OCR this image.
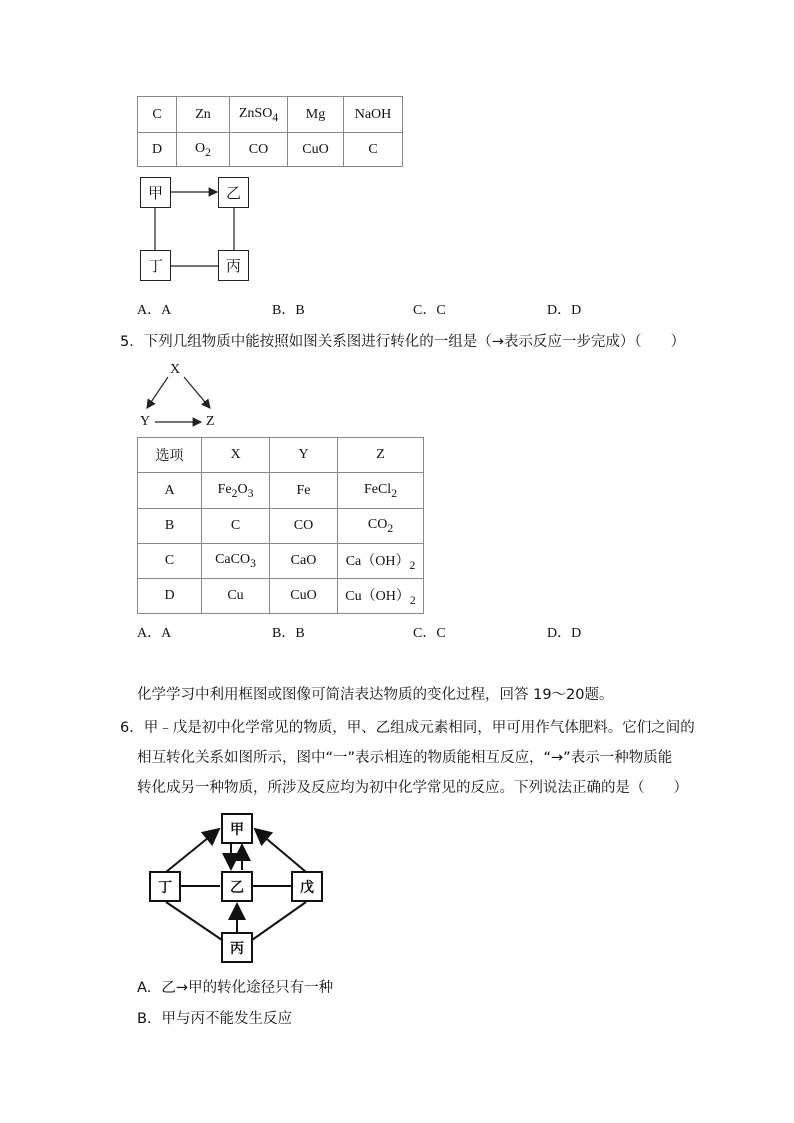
C	Zn	ZnSO$_4$	Mg	NaOH
D	$O_2$	CO	CuO	C
甲	乙
丁	丙
A．A	B．B	C．C	D．D
5．下列几组物质中能按照如图关系图进行转化的一组是（→表示反应一步完成）（　　）
X
Y	Z
选项	X	Y	Z
A	$Fe_2O_3$	Fe	FeCl$_2$
B	C	CO	$CO_2$
C	CaCO$_3$	CaO	$Ca(OH)_2$
D	Cu	CuO	$Cu(OH)_2$
A．A	B．B	C．C	D．D
化学学习中利用框图或图像可简洁表达物质的变化过程，回答 19～20题。
6．甲﹣戊是初中化学常见的物质，甲、乙组成元素相同，甲可用作气体肥料。它们之间的
相互转化关系如图所示，图中“一”表示相连的物质能相互反应，“→”表示一种物质能
转化成另一种物质，所涉及反应均为初中化学常见的反应。下列说法正确的是（　　）
甲
丁	乙	戊
丙
A．乙→甲的转化途径只有一种
B．甲与丙不能发生反应
